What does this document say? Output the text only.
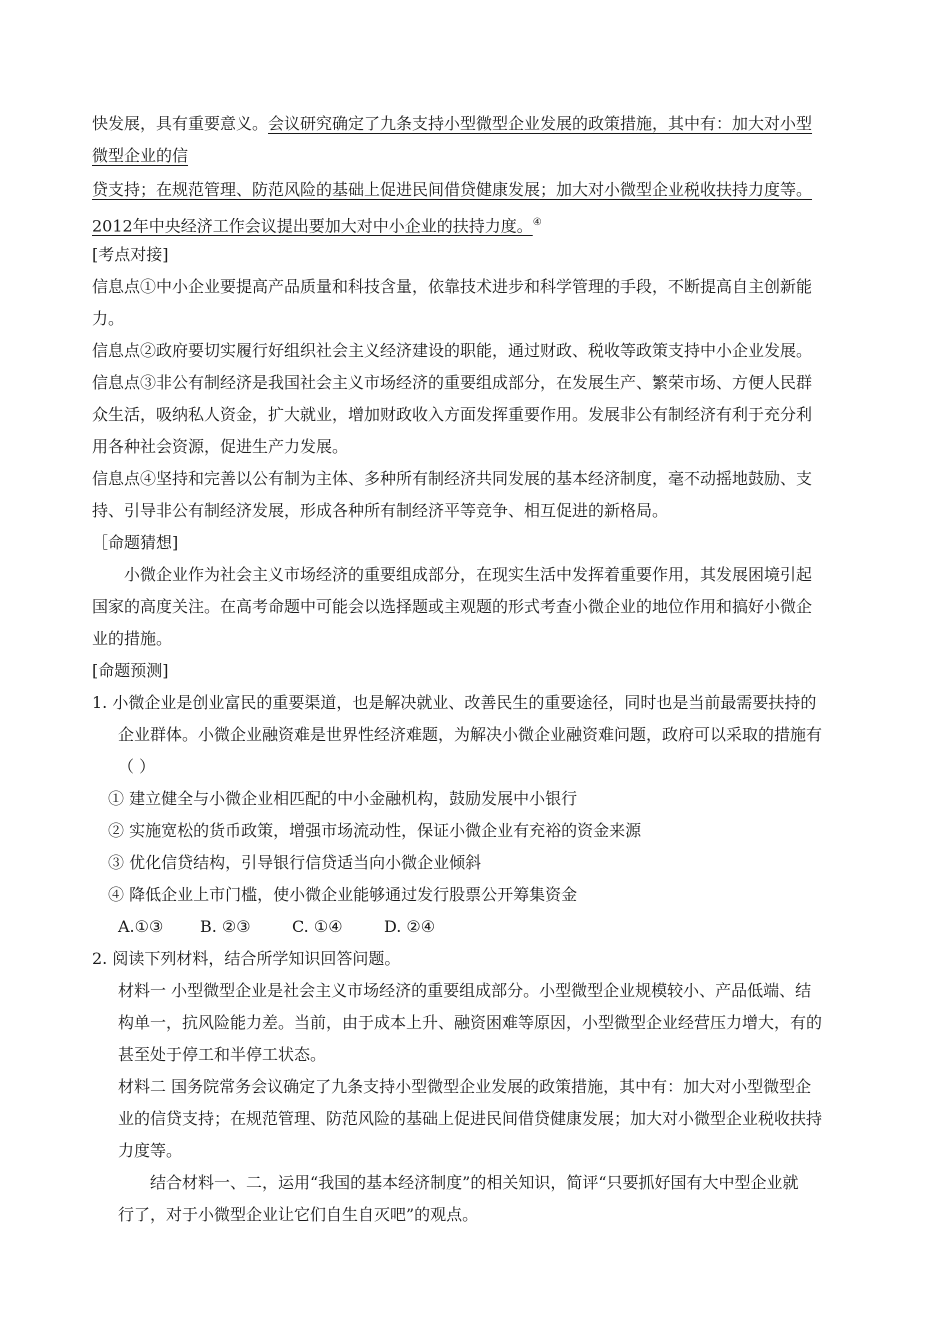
快发展，具有重要意义。会议研究确定了九条支持小型微型企业发展的政策措施，其中有：加大对小型
微型企业的信
贷支持；在规范管理、防范风险的基础上促进民间借贷健康发展；加大对小微型企业税收扶持力度等。
2012年中央经济工作会议提出要加大对中小企业的扶持力度。④
[考点对接]
信息点①中小企业要提高产品质量和科技含量，依靠技术进步和科学管理的手段，不断提高自主创新能
力。
信息点②政府要切实履行好组织社会主义经济建设的职能，通过财政、税收等政策支持中小企业发展。
信息点③非公有制经济是我国社会主义市场经济的重要组成部分，在发展生产、繁荣市场、方便人民群
众生活，吸纳私人资金，扩大就业，增加财政收入方面发挥重要作用。发展非公有制经济有利于充分利
用各种社会资源，促进生产力发展。
信息点④坚持和完善以公有制为主体、多种所有制经济共同发展的基本经济制度，毫不动摇地鼓励、支
持、引导非公有制经济发展，形成各种所有制经济平等竞争、相互促进的新格局。
［命题猜想]
小微企业作为社会主义市场经济的重要组成部分，在现实生活中发挥着重要作用，其发展困境引起
国家的高度关注。在高考命题中可能会以选择题或主观题的形式考查小微企业的地位作用和搞好小微企
业的措施。
[命题预测]
1. 小微企业是创业富民的重要渠道，也是解决就业、改善民生的重要途径，同时也是当前最需要扶持的
企业群体。小微企业融资难是世界性经济难题，为解决小微企业融资难问题，政府可以采取的措施有
（ ）
① 建立健全与小微企业相匹配的中小金融机构，鼓励发展中小银行
② 实施宽松的货币政策，增强市场流动性，保证小微企业有充裕的资金来源
③ 优化信贷结构，引导银行信贷适当向小微企业倾斜
④ 降低企业上市门槛，使小微企业能够通过发行股票公开筹集资金
A.①③ B. ②③	C. ①④	D. ②④
2. 阅读下列材料，结合所学知识回答问题。
材料一 小型微型企业是社会主义市场经济的重要组成部分。小型微型企业规模较小、产品低端、结
构单一，抗风险能力差。当前，由于成本上升、融资困难等原因，小型微型企业经营压力增大，有的
甚至处于停工和半停工状态。
材料二 国务院常务会议确定了九条支持小型微型企业发展的政策措施，其中有：加大对小型微型企
业的信贷支持；在规范管理、防范风险的基础上促进民间借贷健康发展；加大对小微型企业税收扶持
力度等。
结合材料一、二，运用“我国的基本经济制度”的相关知识，简评“只要抓好国有大中型企业就
行了，对于小微型企业让它们自生自灭吧”的观点。
